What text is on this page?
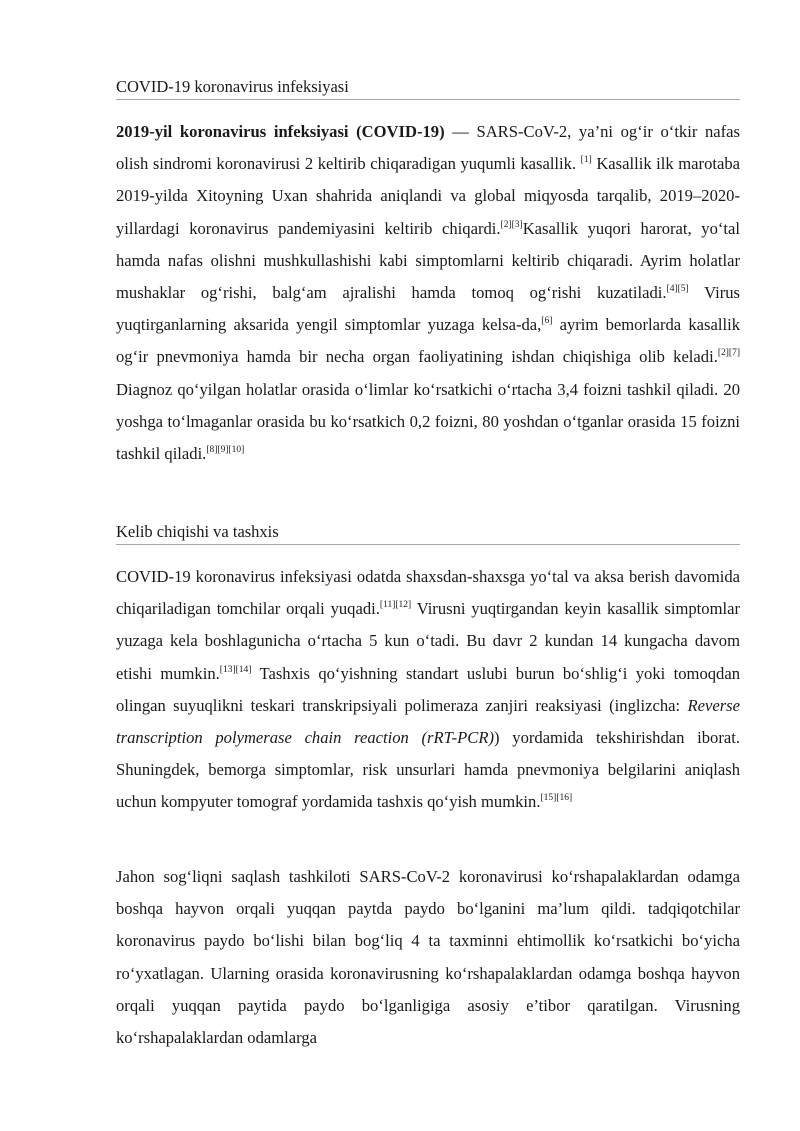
COVID-19 koronavirus infeksiyasi

2019-yil koronavirus infeksiyasi (COVID-19) — SARS-CoV-2, ya’ni og‘ir o‘tkir nafas olish sindromi koronavirusi 2 keltirib chiqaradigan yuqumli kasallik. [1] Kasallik ilk marotaba 2019-yilda Xitoyning Uxan shahrida aniqlandi va global miqyosda tarqalib, 2019–2020-yillardagi koronavirus pandemiyasini keltirib chiqardi.[2][3]Kasallik yuqori harorat, yo‘tal hamda nafas olishni mushkullashishi kabi simptomlarni keltirib chiqaradi. Ayrim holatlar mushaklar og‘rishi, balg‘am ajralishi hamda tomoq og‘rishi kuzatiladi.[4][5] Virus yuqtirganlarning aksarida yengil simptomlar yuzaga kelsa-da,[6] ayrim bemorlarda kasallik og‘ir pnevmoniya hamda bir necha organ faoliyatining ishdan chiqishiga olib keladi.[2][7] Diagnoz qo‘yilgan holatlar orasida o‘limlar ko‘rsatkichi o‘rtacha 3,4 foizni tashkil qiladi. 20 yoshga to‘lmaganlar orasida bu ko‘rsatkich 0,2 foizni, 80 yoshdan o‘tganlar orasida 15 foizni tashkil qiladi.[8][9][10]

Kelib chiqishi va tashxis

COVID-19 koronavirus infeksiyasi odatda shaxsdan-shaxsga yo‘tal va aksa berish davomida chiqariladigan tomchilar orqali yuqadi.[11][12] Virusni yuqtirgandan keyin kasallik simptomlar yuzaga kela boshlagunicha o‘rtacha 5 kun o‘tadi. Bu davr 2 kundan 14 kungacha davom etishi mumkin.[13][14] Tashxis qo‘yishning standart uslubi burun bo‘shlig‘i yoki tomoqdan olingan suyuqlikni teskari transkripsiyali polimeraza zanjiri reaksiyasi (inglizcha: Reverse transcription polymerase chain reaction (rRT-PCR)) yordamida tekshirishdan iborat. Shuningdek, bemorga simptomlar, risk unsurlari hamda pnevmoniya belgilarini aniqlash uchun kompyuter tomograf yordamida tashxis qo‘yish mumkin.[15][16]

Jahon sog‘liqni saqlash tashkiloti SARS-CoV-2 koronavirusi ko‘rshapalaklardan odamga boshqa hayvon orqali yuqqan paytda paydo bo‘lganini ma’lum qildi. tadqiqotchilar koronavirus paydo bo‘lishi bilan bog‘liq 4 ta taxminni ehtimollik ko‘rsatkichi bo‘yicha ro‘yxatlagan. Ularning orasida koronavirusning ko‘rshapalaklardan odamga boshqa hayvon orqali yuqqan paytida paydo bo‘lganligiga asosiy e’tibor qaratilgan. Virusning ko‘rshapalaklardan odamlarga
